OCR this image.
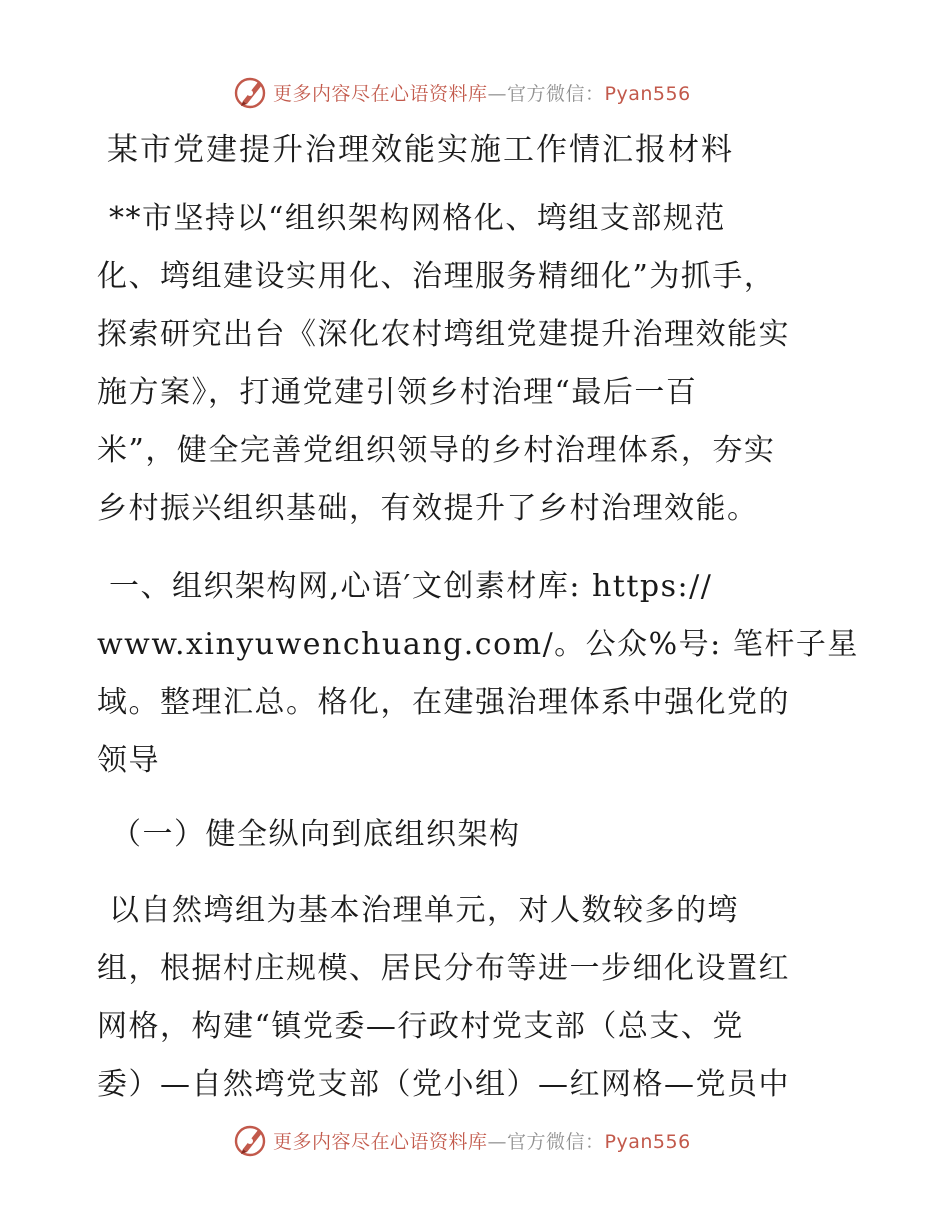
更多内容尽在心语资料库—官方微信：Pyan556
某市党建提升治理效能实施工作情汇报材料
**市坚持以“组织架构网格化、塆组支部规范
化、塆组建设实用化、治理服务精细化”为抓手，
探索研究出台《深化农村塆组党建提升治理效能实
施方案》，打通党建引领乡村治理“最后一百
米”，健全完善党组织领导的乡村治理体系，夯实
乡村振兴组织基础，有效提升了乡村治理效能。
一、组织架构网,心语′文创素材库: https://
www.xinyuwenchuang.com/。公众%号: 笔杆子星
域。整理汇总。格化，在建强治理体系中强化党的
领导
（一）健全纵向到底组织架构
以自然塆组为基本治理单元，对人数较多的塆
组，根据村庄规模、居民分布等进一步细化设置红
网格，构建“镇党委—行政村党支部（总支、党
委）—自然塆党支部（党小组）—红网格—党员中
更多内容尽在心语资料库—官方微信：Pyan556
